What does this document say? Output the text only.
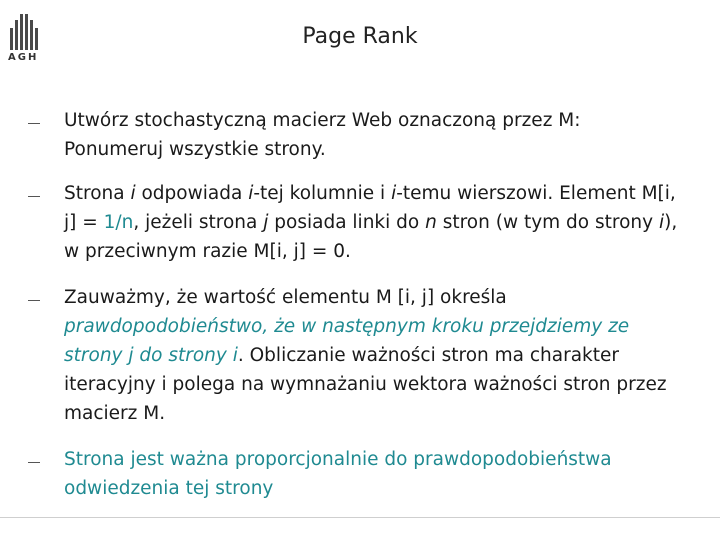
AGH
Page Rank
Utwórz stochastyczną macierz Web oznaczoną przez M:
Ponumeruj wszystkie strony.
Strona i odpowiada i-tej kolumnie i i-temu wierszowi. Element M[i, j] = 1/n, jeżeli strona j posiada linki do n stron (w tym do strony i), w przeciwnym razie M[i, j] = 0.
Zauważmy, że wartość elementu M [i, j] określa prawdopodobieństwo, że w następnym kroku przejdziemy ze strony j do strony i. Obliczanie ważności stron ma charakter iteracyjny i polega na wymnażaniu wektora ważności stron przez macierz M.
Strona jest ważna proporcjonalnie do prawdopodobieństwa odwiedzenia tej strony
